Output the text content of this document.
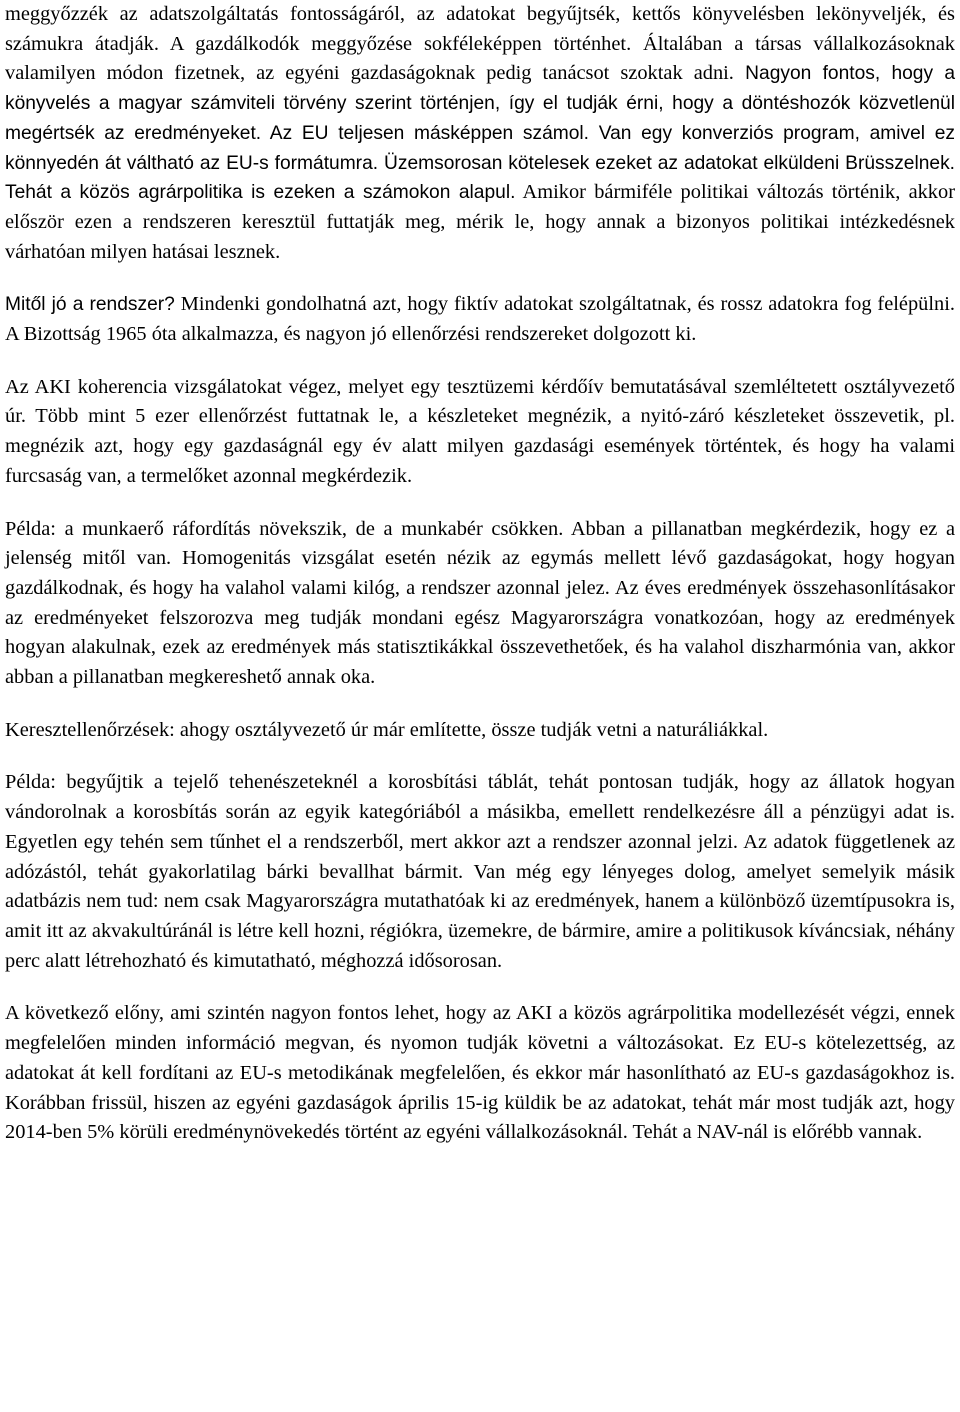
meggyőzzék az adatszolgáltatás fontosságáról, az adatokat begyűjtsék, kettős könyvelésben lekönyveljék, és számukra átadják. A gazdálkodók meggyőzése sokféleképpen történhet. Általában a társas vállalkozásoknak valamilyen módon fizetnek, az egyéni gazdaságoknak pedig tanácsot szoktak adni. Nagyon fontos, hogy a könyvelés a magyar számviteli törvény szerint történjen, így el tudják érni, hogy a döntéshozók közvetlenül megértsék az eredményeket. Az EU teljesen másképpen számol. Van egy konverziós program, amivel ez könnyedén át váltható az EU-s formátumra. Üzemsorosan kötelesek ezeket az adatokat elküldeni Brüsszelnek. Tehát a közös agrárpolitika is ezeken a számokon alapul. Amikor bármiféle politikai változás történik, akkor először ezen a rendszeren keresztül futtatják meg, mérik le, hogy annak a bizonyos politikai intézkedésnek várhatóan milyen hatásai lesznek.

Mitől jó a rendszer? Mindenki gondolhatná azt, hogy fiktív adatokat szolgáltatnak, és rossz adatokra fog felépülni. A Bizottság 1965 óta alkalmazza, és nagyon jó ellenőrzési rendszereket dolgozott ki.

Az AKI koherencia vizsgálatokat végez, melyet egy tesztüzemi kérdőív bemutatásával szemléltetett osztályvezető úr. Több mint 5 ezer ellenőrzést futtatnak le, a készleteket megnézik, a nyitó-záró készleteket összevetik, pl. megnézik azt, hogy egy gazdaságnál egy év alatt milyen gazdasági események történtek, és hogy ha valami furcsaság van, a termelőket azonnal megkérdezik.

Példa: a munkaerő ráfordítás növekszik, de a munkabér csökken. Abban a pillanatban megkérdezik, hogy ez a jelenség mitől van. Homogenitás vizsgálat esetén nézik az egymás mellett lévő gazdaságokat, hogy hogyan gazdálkodnak, és hogy ha valahol valami kilóg, a rendszer azonnal jelez. Az éves eredmények összehasonlításakor az eredményeket felszorozva meg tudják mondani egész Magyarországra vonatkozóan, hogy az eredmények hogyan alakulnak, ezek az eredmények más statisztikákkal összevethetőek, és ha valahol diszharmónia van, akkor abban a pillanatban megkereshető annak oka.

Keresztellenőrzések: ahogy osztályvezető úr már említette, össze tudják vetni a naturáliákkal.

Példa: begyűjtik a tejelő tehenészeteknél a korosbítási táblát, tehát pontosan tudják, hogy az állatok hogyan vándorolnak a korosbítás során az egyik kategóriából a másikba, emellett rendelkezésre áll a pénzügyi adat is. Egyetlen egy tehén sem tűnhet el a rendszerből, mert akkor azt a rendszer azonnal jelzi. Az adatok függetlenek az adózástól, tehát gyakorlatilag bárki bevallhat bármit. Van még egy lényeges dolog, amelyet semelyik másik adatbázis nem tud: nem csak Magyarországra mutathatóak ki az eredmények, hanem a különböző üzemtípusokra is, amit itt az akvakultúránál is létre kell hozni, régiókra, üzemekre, de bármire, amire a politikusok kíváncsiak, néhány perc alatt létrehozható és kimutatható, méghozzá idősorosan.

A következő előny, ami szintén nagyon fontos lehet, hogy az AKI a közös agrárpolitika modellezését végzi, ennek megfelelően minden információ megvan, és nyomon tudják követni a változásokat. Ez EU-s kötelezettség, az adatokat át kell fordítani az EU-s metodikának megfelelően, és ekkor már hasonlítható az EU-s gazdaságokhoz is. Korábban frissül, hiszen az egyéni gazdaságok április 15-ig küldik be az adatokat, tehát már most tudják azt, hogy 2014-ben 5% körüli eredménynövekedés történt az egyéni vállalkozásoknál. Tehát a NAV-nál is előrébb vannak.
